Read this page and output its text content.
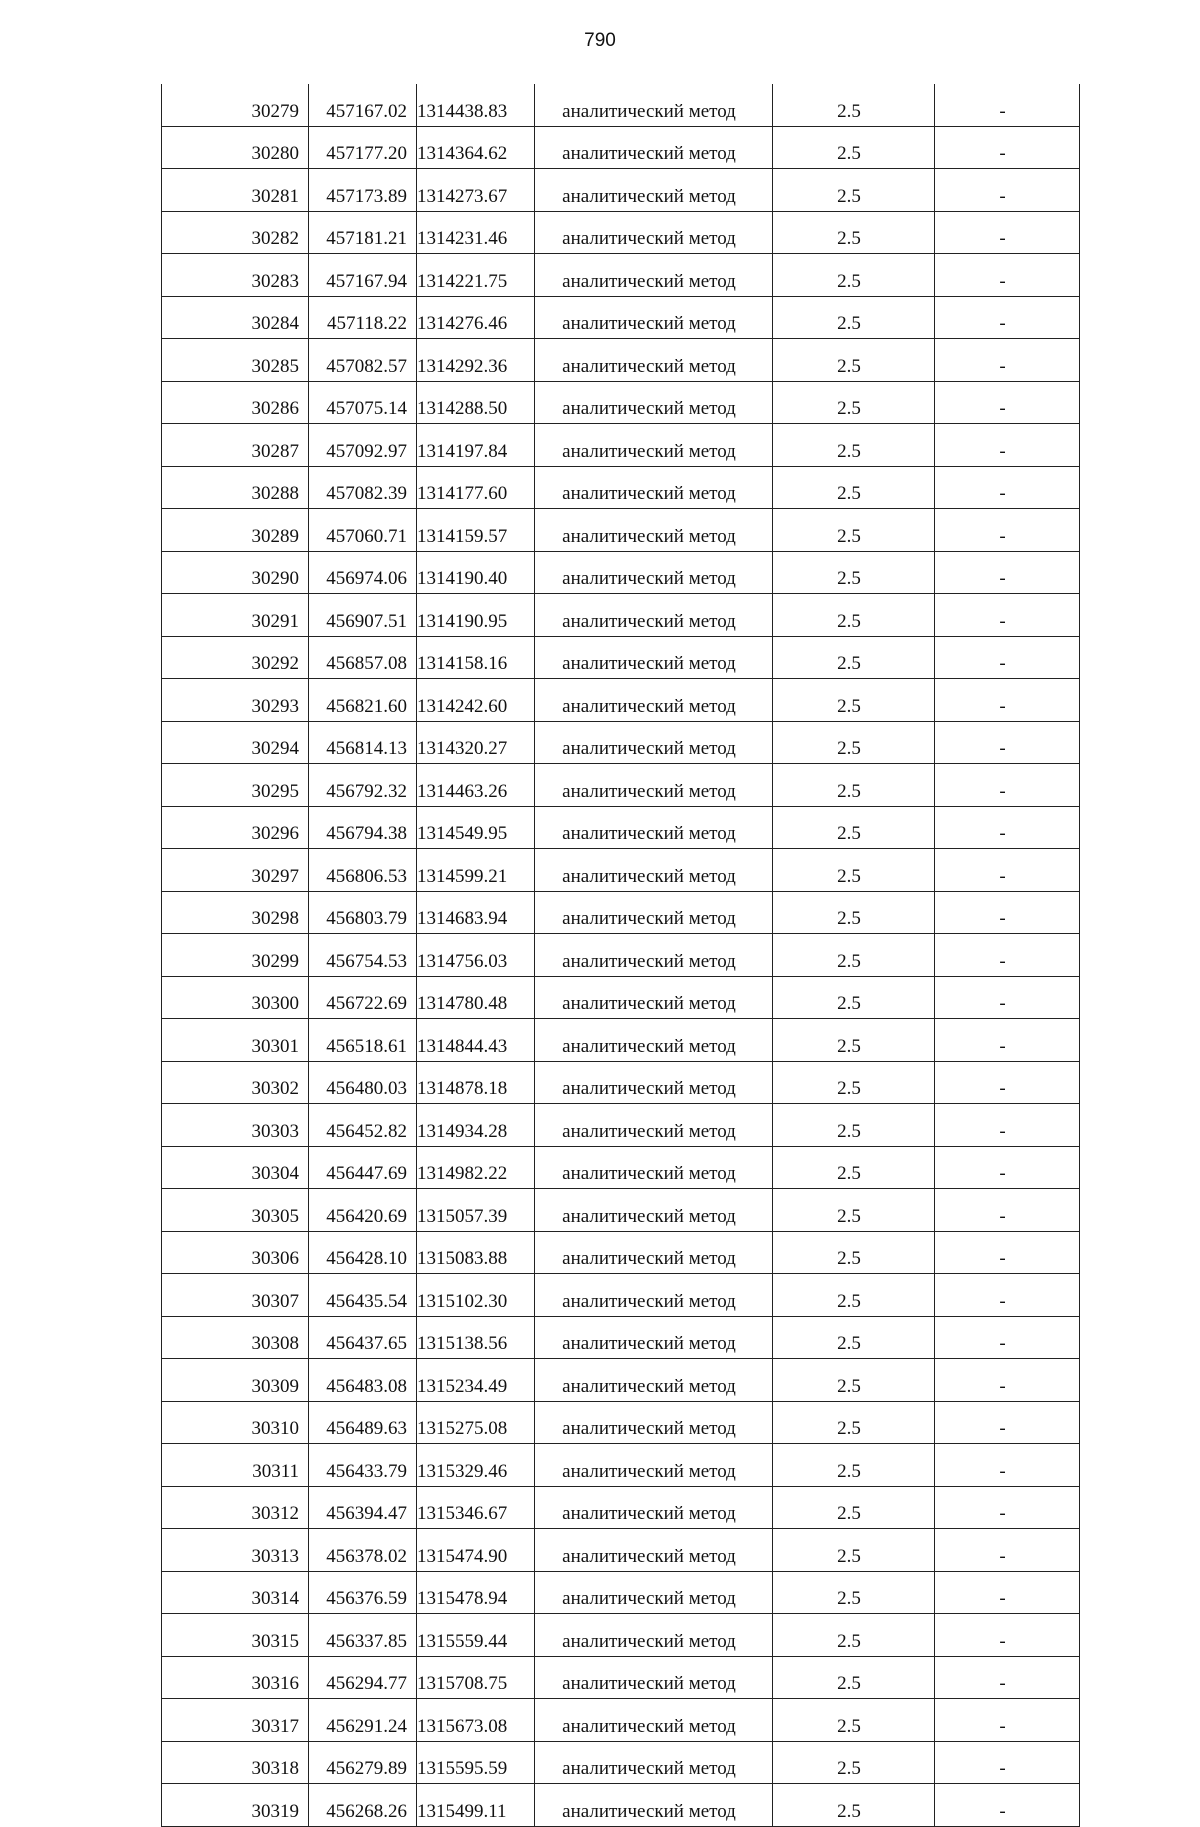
790
30279	457167.02	1314438.83	аналитический метод	2.5	-
30280	457177.20	1314364.62	аналитический метод	2.5	-
30281	457173.89	1314273.67	аналитический метод	2.5	-
30282	457181.21	1314231.46	аналитический метод	2.5	-
30283	457167.94	1314221.75	аналитический метод	2.5	-
30284	457118.22	1314276.46	аналитический метод	2.5	-
30285	457082.57	1314292.36	аналитический метод	2.5	-
30286	457075.14	1314288.50	аналитический метод	2.5	-
30287	457092.97	1314197.84	аналитический метод	2.5	-
30288	457082.39	1314177.60	аналитический метод	2.5	-
30289	457060.71	1314159.57	аналитический метод	2.5	-
30290	456974.06	1314190.40	аналитический метод	2.5	-
30291	456907.51	1314190.95	аналитический метод	2.5	-
30292	456857.08	1314158.16	аналитический метод	2.5	-
30293	456821.60	1314242.60	аналитический метод	2.5	-
30294	456814.13	1314320.27	аналитический метод	2.5	-
30295	456792.32	1314463.26	аналитический метод	2.5	-
30296	456794.38	1314549.95	аналитический метод	2.5	-
30297	456806.53	1314599.21	аналитический метод	2.5	-
30298	456803.79	1314683.94	аналитический метод	2.5	-
30299	456754.53	1314756.03	аналитический метод	2.5	-
30300	456722.69	1314780.48	аналитический метод	2.5	-
30301	456518.61	1314844.43	аналитический метод	2.5	-
30302	456480.03	1314878.18	аналитический метод	2.5	-
30303	456452.82	1314934.28	аналитический метод	2.5	-
30304	456447.69	1314982.22	аналитический метод	2.5	-
30305	456420.69	1315057.39	аналитический метод	2.5	-
30306	456428.10	1315083.88	аналитический метод	2.5	-
30307	456435.54	1315102.30	аналитический метод	2.5	-
30308	456437.65	1315138.56	аналитический метод	2.5	-
30309	456483.08	1315234.49	аналитический метод	2.5	-
30310	456489.63	1315275.08	аналитический метод	2.5	-
30311	456433.79	1315329.46	аналитический метод	2.5	-
30312	456394.47	1315346.67	аналитический метод	2.5	-
30313	456378.02	1315474.90	аналитический метод	2.5	-
30314	456376.59	1315478.94	аналитический метод	2.5	-
30315	456337.85	1315559.44	аналитический метод	2.5	-
30316	456294.77	1315708.75	аналитический метод	2.5	-
30317	456291.24	1315673.08	аналитический метод	2.5	-
30318	456279.89	1315595.59	аналитический метод	2.5	-
30319	456268.26	1315499.11	аналитический метод	2.5	-
